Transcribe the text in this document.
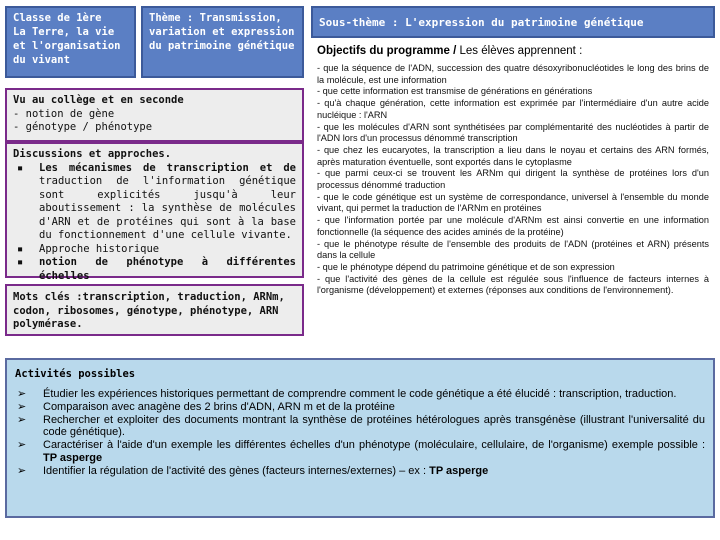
Classe de 1ère
La Terre, la vie et l'organisation du vivant
Thème : Transmission, variation et expression du patrimoine génétique
Sous-thème : L'expression du patrimoine génétique
Vu au collège et en seconde
- notion de gène
- génotype / phénotype
Discussions et approches.
▪ Les mécanismes de transcription et de traduction de l'information génétique sont explicités jusqu'à leur aboutissement : la synthèse de molécules d'ARN et de protéines qui sont à la base du fonctionnement d'une cellule vivante.
▪ Approche historique
▪ notion de phénotype à différentes échelles
Mots clés :transcription, traduction, ARNm, codon, ribosomes, génotype, phénotype, ARN polymérase.
Objectifs du programme / Les élèves apprennent :

- que la séquence de l'ADN, succession des quatre désoxyribonucléotides le long des brins de la molécule, est une information

- que cette information est transmise de générations en générations

- qu'à chaque génération, cette information est exprimée par l'intermédiaire d'un autre acide nucléique : l'ARN

- que les molécules d'ARN sont synthétisées par complémentarité des nucléotides à partir de l'ADN lors d'un processus dénommé transcription

- que chez les eucaryotes, la transcription a lieu dans le noyau et certains des ARN formés, après maturation éventuelle, sont exportés dans le cytoplasme

- que parmi ceux-ci se trouvent les ARNm qui dirigent la synthèse de protéines lors d'un processus dénommé traduction

- que le code génétique est un système de correspondance, universel à l'ensemble du monde vivant, qui permet la traduction de l'ARNm en protéines

- que l'information portée par une molécule d'ARNm est ainsi convertie en une information fonctionnelle (la séquence des acides aminés de la protéine)

- que le phénotype résulte de l'ensemble des produits de l'ADN (protéines et ARN) présents dans la cellule

- que le phénotype dépend du patrimoine génétique et de son expression

- que l'activité des gènes de la cellule est régulée sous l'influence de facteurs internes à l'organisme (développement) et externes (réponses aux conditions de l'environnement).

Activités possibles
➢ Étudier les expériences historiques permettant de comprendre comment le code génétique a été élucidé : transcription, traduction.
➢ Comparaison avec anagène des 2 brins d'ADN, ARN m et de la protéine
➢ Rechercher et exploiter des documents montrant la synthèse de protéines hétérologues après transgénèse (illustrant l'universalité du code génétique).
➢ Caractériser à l'aide d'un exemple les différentes échelles d'un phénotype (moléculaire, cellulaire, de l'organisme) exemple possible : TP asperge
➢ Identifier la régulation de l'activité des gènes (facteurs internes/externes) – ex : TP asperge
